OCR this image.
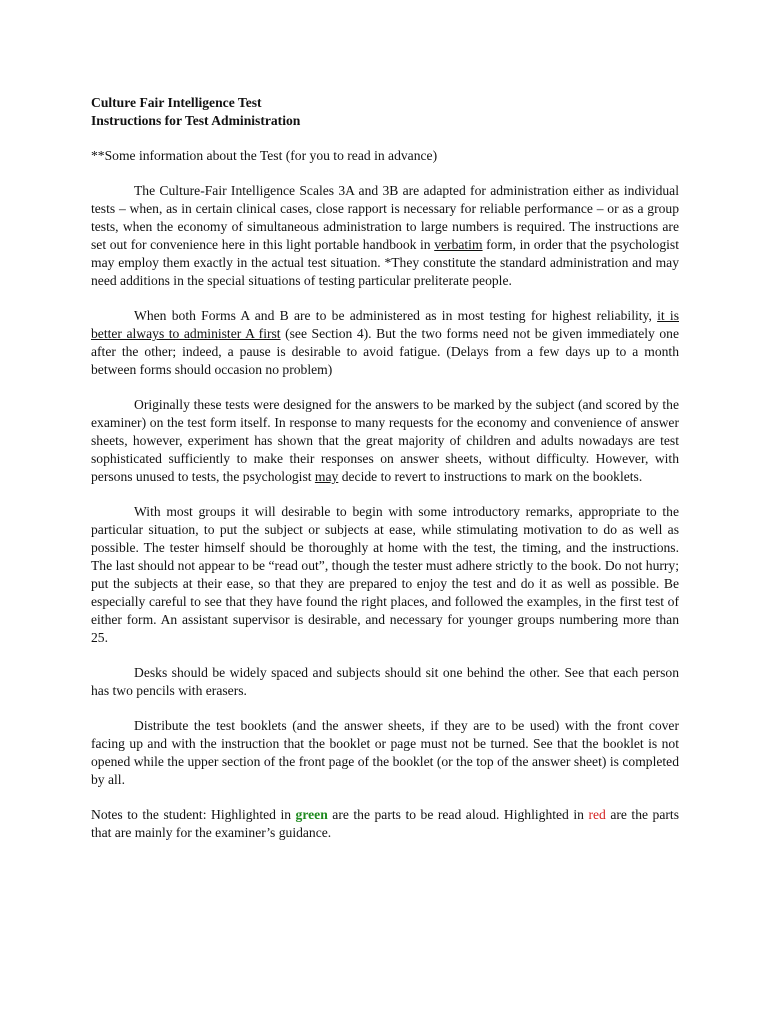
Culture Fair Intelligence Test
Instructions for Test Administration

**Some information about the Test (for you to read in advance)

The Culture-Fair Intelligence Scales 3A and 3B are adapted for administration either as individual tests – when, as in certain clinical cases, close rapport is necessary for reliable performance – or as a group tests, when the economy of simultaneous administration to large numbers is required. The instructions are set out for convenience here in this light portable handbook in verbatim form, in order that the psychologist may employ them exactly in the actual test situation. *They constitute the standard administration and may need additions in the special situations of testing particular preliterate people.

When both Forms A and B are to be administered as in most testing for highest reliability, it is better always to administer A first (see Section 4). But the two forms need not be given immediately one after the other; indeed, a pause is desirable to avoid fatigue. (Delays from a few days up to a month between forms should occasion no problem)

Originally these tests were designed for the answers to be marked by the subject (and scored by the examiner) on the test form itself. In response to many requests for the economy and convenience of answer sheets, however, experiment has shown that the great majority of children and adults nowadays are test sophisticated sufficiently to make their responses on answer sheets, without difficulty. However, with persons unused to tests, the psychologist may decide to revert to instructions to mark on the booklets.

With most groups it will desirable to begin with some introductory remarks, appropriate to the particular situation, to put the subject or subjects at ease, while stimulating motivation to do as well as possible. The tester himself should be thoroughly at home with the test, the timing, and the instructions. The last should not appear to be “read out”, though the tester must adhere strictly to the book. Do not hurry; put the subjects at their ease, so that they are prepared to enjoy the test and do it as well as possible. Be especially careful to see that they have found the right places, and followed the examples, in the first test of either form. An assistant supervisor is desirable, and necessary for younger groups numbering more than 25.

Desks should be widely spaced and subjects should sit one behind the other. See that each person has two pencils with erasers.

Distribute the test booklets (and the answer sheets, if they are to be used) with the front cover facing up and with the instruction that the booklet or page must not be turned. See that the booklet is not opened while the upper section of the front page of the booklet (or the top of the answer sheet) is completed by all.

Notes to the student: Highlighted in green are the parts to be read aloud. Highlighted in red are the parts that are mainly for the examiner’s guidance.
